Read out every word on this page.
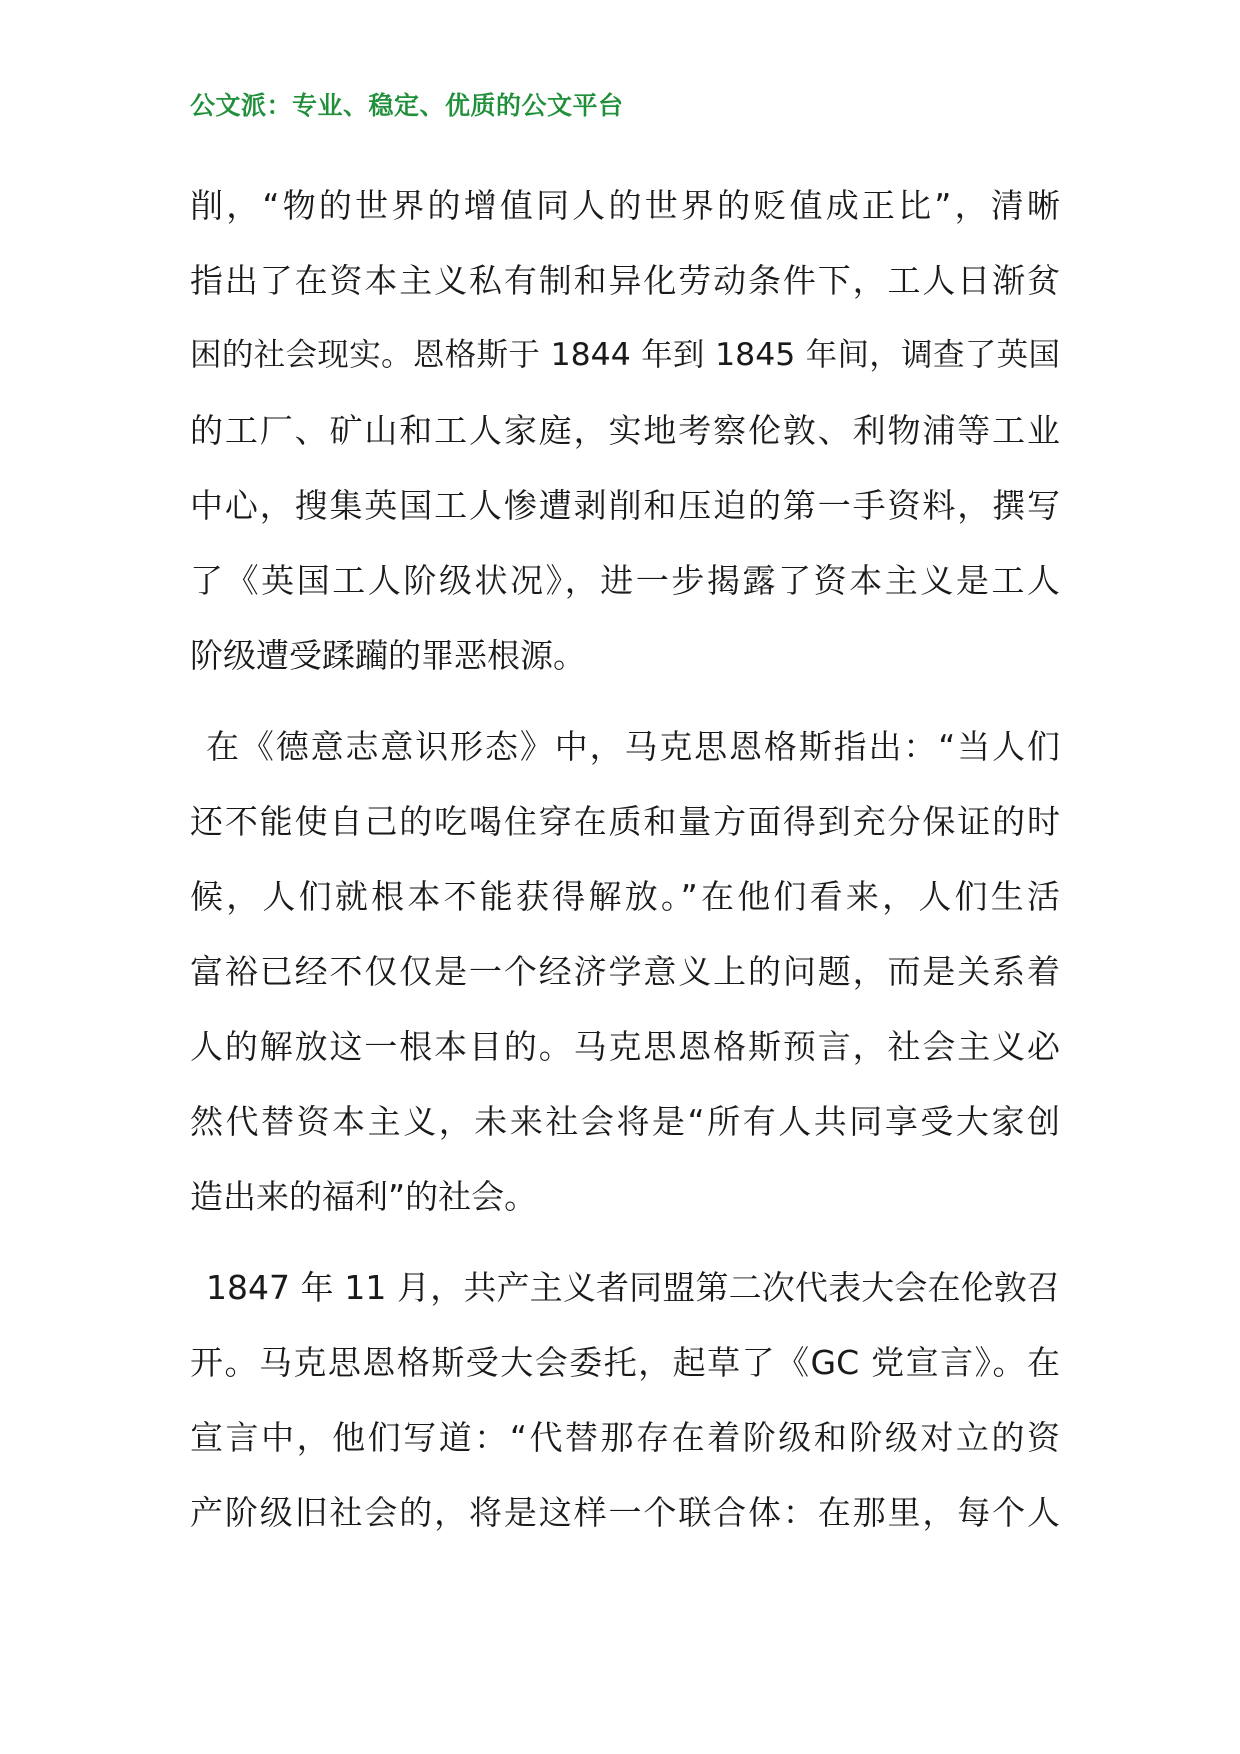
公文派：专业、稳定、优质的公文平台
削，“物的世界的增值同人的世界的贬值成正比”，清晰
指出了在资本主义私有制和异化劳动条件下，工人日渐贫
困的社会现实。恩格斯于 1844 年到 1845 年间，调查了英国
的工厂、矿山和工人家庭，实地考察伦敦、利物浦等工业
中心，搜集英国工人惨遭剥削和压迫的第一手资料，撰写
了《英国工人阶级状况》，进一步揭露了资本主义是工人
阶级遭受蹂躏的罪恶根源。
在《德意志意识形态》中，马克思恩格斯指出：“当人们
还不能使自己的吃喝住穿在质和量方面得到充分保证的时
候，人们就根本不能获得解放。”在他们看来，人们生活
富裕已经不仅仅是一个经济学意义上的问题，而是关系着
人的解放这一根本目的。马克思恩格斯预言，社会主义必
然代替资本主义，未来社会将是“所有人共同享受大家创
造出来的福利”的社会。
1847 年 11 月，共产主义者同盟第二次代表大会在伦敦召
开。马克思恩格斯受大会委托，起草了《GC 党宣言》。在
宣言中，他们写道：“代替那存在着阶级和阶级对立的资
产阶级旧社会的，将是这样一个联合体：在那里，每个人
